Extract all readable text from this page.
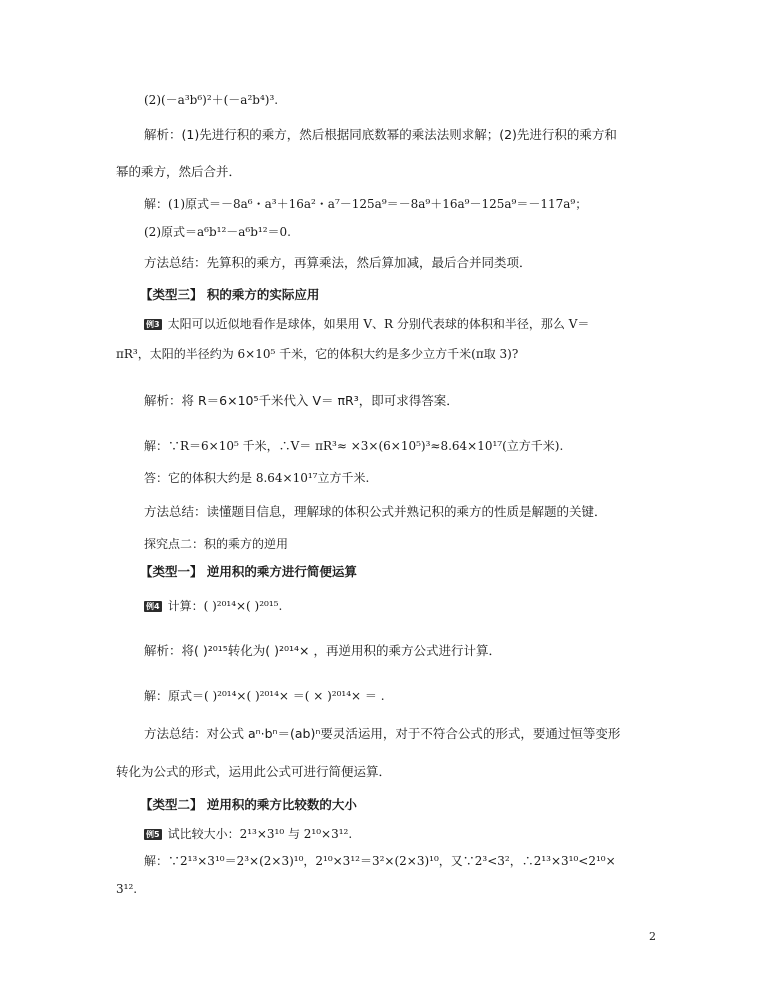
(2)(－a³b⁶)²＋(－a²b⁴)³.
解析：(1)先进行积的乘方，然后根据同底数幂的乘法法则求解；(2)先进行积的乘方和
幂的乘方，然后合并．
解：(1)原式＝－8a⁶・a³＋16a²・a⁷－125a⁹＝－8a⁹＋16a⁹－125a⁹＝－117a⁹；
(2)原式＝a⁶b¹²－a⁶b¹²＝0.
方法总结：先算积的乘方，再算乘法，然后算加减，最后合并同类项．
【类型三】 积的乘方的实际应用
例3 太阳可以近似地看作是球体，如果用 V、R 分别代表球的体积和半径，那么 V＝
πR³，太阳的半径约为 6×10⁵ 千米，它的体积大约是多少立方千米(π取 3)?
解析：将 R＝6×10⁵千米代入 V＝ πR³，即可求得答案．
解：∵R＝6×10⁵ 千米，∴V＝ πR³≈ ×3×(6×10⁵)³≈8.64×10¹⁷(立方千米).
答：它的体积大约是 8.64×10¹⁷立方千米.
方法总结：读懂题目信息，理解球的体积公式并熟记积的乘方的性质是解题的关键．
探究点二：积的乘方的逆用
【类型一】 逆用积的乘方进行简便运算
例4 计算：( )²⁰¹⁴×( )²⁰¹⁵.
解析：将( )²⁰¹⁵转化为( )²⁰¹⁴× ，再逆用积的乘方公式进行计算．
解：原式＝( )²⁰¹⁴×( )²⁰¹⁴× ＝( × )²⁰¹⁴× ＝ .
方法总结：对公式 aⁿ·bⁿ＝(ab)ⁿ要灵活运用，对于不符合公式的形式，要通过恒等变形
转化为公式的形式，运用此公式可进行简便运算．
【类型二】 逆用积的乘方比较数的大小
例5 试比较大小：2¹³×3¹⁰ 与 2¹⁰×3¹².
解：∵2¹³×3¹⁰＝2³×(2×3)¹⁰，2¹⁰×3¹²＝3²×(2×3)¹⁰，又∵2³<3²，∴2¹³×3¹⁰<2¹⁰×
3¹².
2
